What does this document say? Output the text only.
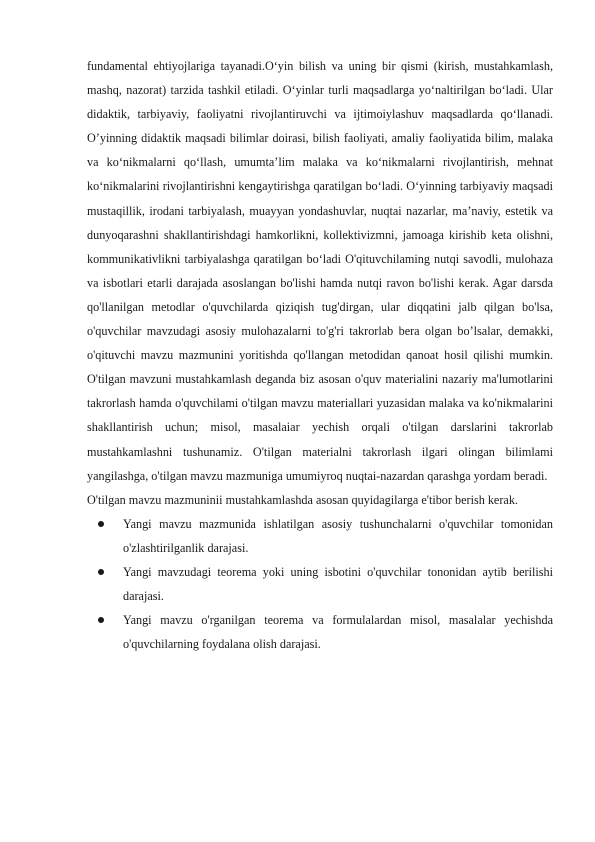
fundamental ehtiyojlariga tayanadi.O‘yin bilish va uning bir qismi (kirish, mustahkamlash, mashq, nazorat) tarzida tashkil etiladi. O‘yinlar turli maqsadlarga yo‘naltirilgan bo‘ladi. Ular didaktik, tarbiyaviy, faoliyatni rivojlantiruvchi va ijtimoiylashuv maqsadlarda qo‘llanadi. O’yinning didaktik maqsadi bilimlar doirasi, bilish faoliyati, amaliy faoliyatida bilim, malaka va ko‘nikmalarni qo‘llash, umumta’lim malaka va ko‘nikmalarni rivojlantirish, mehnat ko‘nikmalarini rivojlantirishni kengaytirishga qaratilgan bo‘ladi. O‘yinning tarbiyaviy maqsadi mustaqillik, irodani tarbiyalash, muayyan yondashuvlar, nuqtai nazarlar, ma’naviy, estetik va dunyoqarashni shakllantirishdagi hamkorlikni, kollektivizmni, jamoaga kirishib keta olishni, kommunikativlikni tarbiyalashga qaratilgan bo‘ladi O'qituvchilaming nutqi savodli, mulohaza va isbotlari etarli darajada asoslangan bo'lishi hamda nutqi ravon bo'lishi kerak. Agar darsda qo'llanilgan metodlar o'quvchilarda qiziqish tug'dirgan, ular diqqatini jalb qilgan bo'lsa, o'quvchilar mavzudagi asosiy mulohazalarni to'g'ri takrorlab bera olgan bo’lsalar, demakki, o'qituvchi mavzu mazmunini yoritishda qo'llangan metodidan qanoat hosil qilishi mumkin. O'tilgan mavzuni mustahkamlash deganda biz asosan o'quv materialini nazariy ma'lumotlarini takrorlash hamda o'quvchilami o'tilgan mavzu materiallari yuzasidan malaka va ko'nikmalarini shakllantirish uchun; misol, masalaiar yechish orqali o'tilgan darslarini takrorlab mustahkamlashni tushunamiz. O'tilgan materialni takrorlash ilgari olingan bilimlami yangilashga, o'tilgan mavzu mazmuniga umumiyroq nuqtai-nazardan qarashga yordam beradi.

O'tilgan mavzu mazmuninii mustahkamlashda asosan quyidagilarga e'tibor berish kerak.

Yangi mavzu mazmunida ishlatilgan asosiy tushunchalarni o'quvchilar tomonidan o'zlashtirilganlik darajasi.
Yangi mavzudagi teorema yoki uning isbotini o'quvchilar tononidan aytib berilishi darajasi.
Yangi mavzu o'rganilgan teorema va formulalardan misol, masalalar yechishda o'quvchilarning foydalana olish darajasi.
